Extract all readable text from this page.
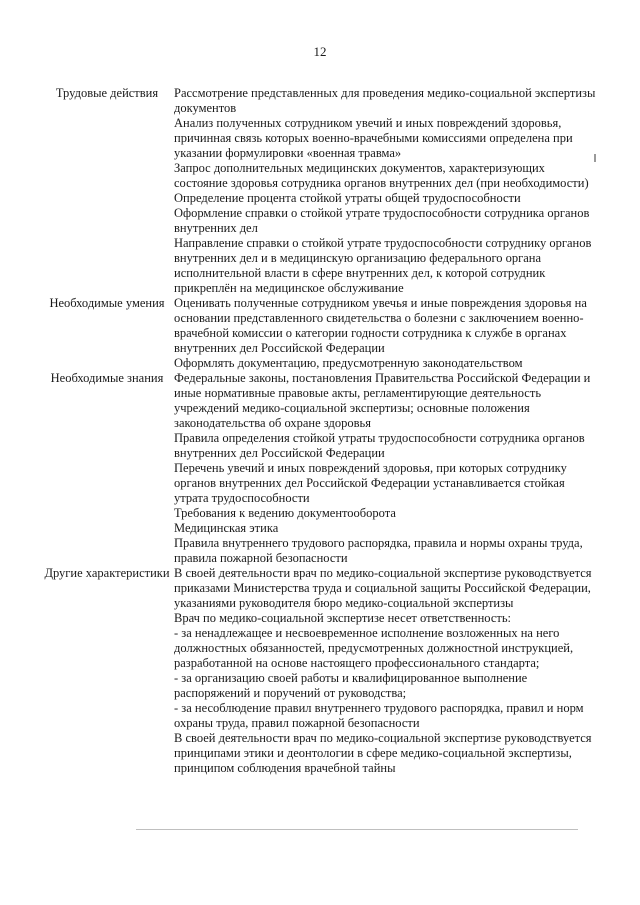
12
Трудовые действия	Рассмотрение представленных для проведения медико-социальной экспертизы документов
Анализ полученных сотрудником увечий и иных повреждений здоровья, причинная связь которых военно-врачебными комиссиями определена при указании формулировки «военная травма»
Запрос дополнительных медицинских документов, характеризующих состояние здоровья сотрудника органов внутренних дел (при необходимости)
Определение процента стойкой утраты общей трудоспособности
Оформление справки о стойкой утрате трудоспособности сотрудника органов внутренних дел
Направление справки о стойкой утрате трудоспособности сотруднику органов внутренних дел и в медицинскую организацию федерального органа исполнительной власти в сфере внутренних дел, к которой сотрудник прикреплён на медицинское обслуживание
Необходимые умения Оценивать полученные сотрудником увечья и иные повреждения здоровья на основании представленного свидетельства о болезни с заключением военно-врачебной комиссии о категории годности сотрудника к службе в органах внутренних дел Российской Федерации
Оформлять документацию, предусмотренную законодательством
Необходимые знания Федеральные законы, постановления Правительства Российской Федерации и иные нормативные правовые акты, регламентирующие деятельность учреждений медико-социальной экспертизы; основные положения законодательства об охране здоровья
Правила определения стойкой утраты трудоспособности сотрудника органов внутренних дел Российской Федерации
Перечень увечий и иных повреждений здоровья, при которых сотруднику органов внутренних дел Российской Федерации устанавливается стойкая утрата трудоспособности
Требования к ведению документооборота
Медицинская этика
Правила внутреннего трудового распорядка, правила и нормы охраны труда, правила пожарной безопасности
Другие характеристики В своей деятельности врач по медико-социальной экспертизе руководствуется приказами Министерства труда и социальной защиты Российской Федерации, указаниями руководителя бюро медико-социальной экспертизы
Врач по медико-социальной экспертизе несет ответственность:
- за ненадлежащее и несвоевременное исполнение возложенных на него должностных обязанностей, предусмотренных должностной инструкцией, разработанной на основе настоящего профессионального стандарта;
- за организацию своей работы и квалифицированное выполнение распоряжений и поручений от руководства;
- за несоблюдение правил внутреннего трудового распорядка, правил и норм охраны труда, правил пожарной безопасности
В своей деятельности врач по медико-социальной экспертизе руководствуется принципами этики и деонтологии в сфере медико-социальной экспертизы, принципом соблюдения врачебной тайны
